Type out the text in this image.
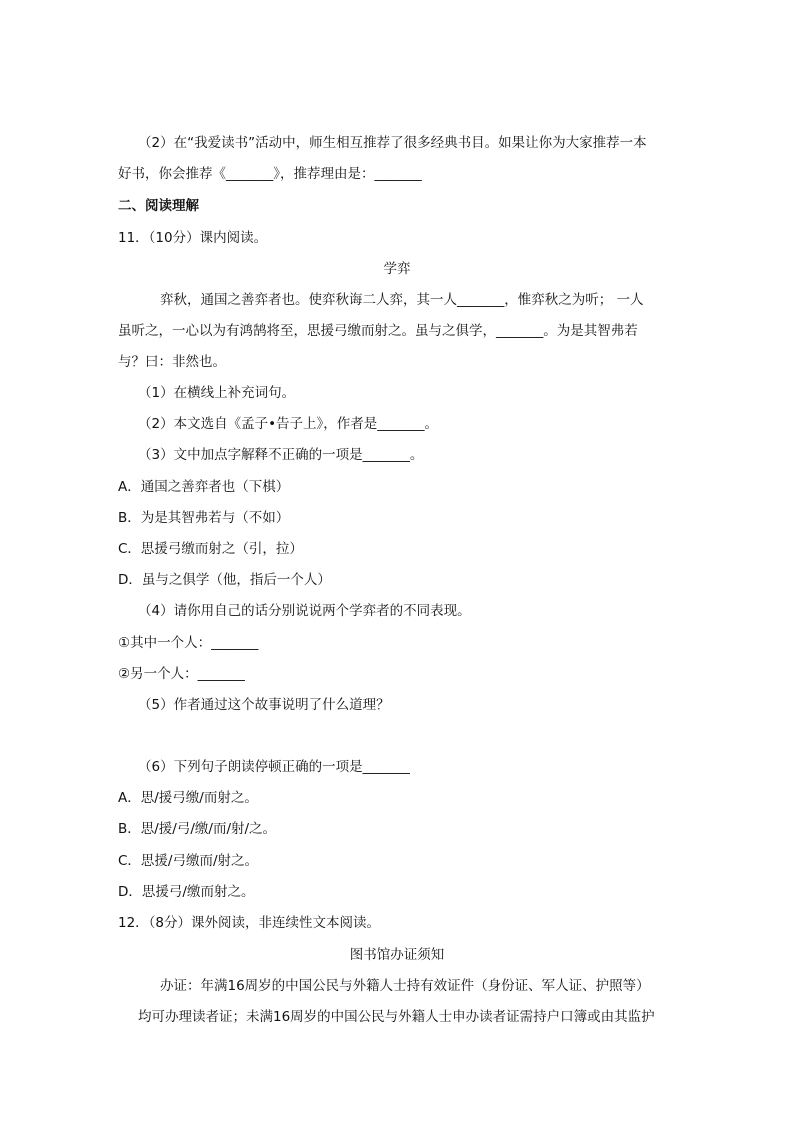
（2）在“我爱读书”活动中，师生相互推荐了很多经典书目。如果让你为大家推荐一本
好书，你会推荐《_______》，推荐理由是：_______
二、阅读理解
11．（10分）课内阅读。
学弈
弈秋，通国之善弈者也。使弈秋诲二人弈，其一人_______，惟弈秋之为听； 一人
虽听之，一心以为有鸿鹄将至，思援弓缴而射之。虽与之俱学，_______。为是其智弗若
与？曰：非然也。
（1）在横线上补充词句。
（2）本文选自《孟子•告子上》，作者是_______。
（3）文中加点字解释不正确的一项是_______。
A．通国之善弈者也（下棋）
B．为是其智弗若与（不如）
C．思援弓缴而射之（引，拉）
D．虽与之俱学（他，指后一个人）
（4）请你用自己的话分别说说两个学弈者的不同表现。
①其中一个人：_______
②另一个人：_______
（5）作者通过这个故事说明了什么道理？
（6）下列句子朗读停顿正确的一项是_______
A．思/援弓缴/而射之。
B．思/援/弓/缴/而/射/之。
C．思援/弓缴而/射之。
D．思援弓/缴而射之。
12．（8分）课外阅读，非连续性文本阅读。
图书馆办证须知
办证：年满16周岁的中国公民与外籍人士持有效证件（身份证、军人证、护照等）
均可办理读者证；未满16周岁的中国公民与外籍人士申办读者证需持户口簿或由其监护
